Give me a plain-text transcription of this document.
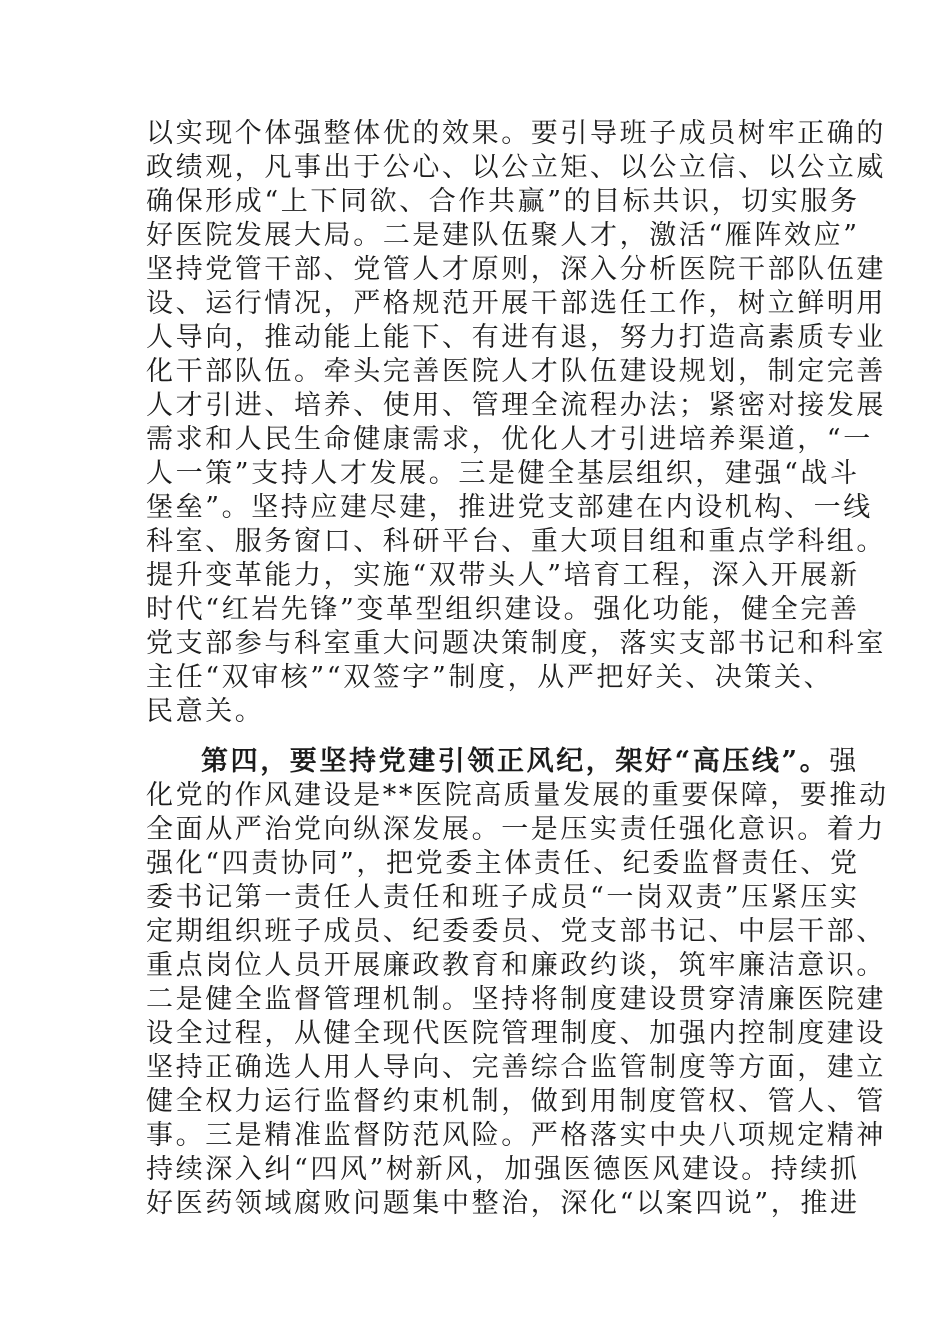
以实现个体强整体优的效果。要引导班子成员树牢正确的
政绩观，凡事出于公心、以公立矩、以公立信、以公立威
确保形成“上下同欲、合作共赢”的目标共识，切实服务
好医院发展大局。二是建队伍聚人才，激活“雁阵效应”
坚持党管干部、党管人才原则，深入分析医院干部队伍建
设、运行情况，严格规范开展干部选任工作，树立鲜明用
人导向，推动能上能下、有进有退，努力打造高素质专业
化干部队伍。牵头完善医院人才队伍建设规划，制定完善
人才引进、培养、使用、管理全流程办法；紧密对接发展
需求和人民生命健康需求，优化人才引进培养渠道，“一
人一策”支持人才发展。三是健全基层组织，建强“战斗
堡垒”。坚持应建尽建，推进党支部建在内设机构、一线
科室、服务窗口、科研平台、重大项目组和重点学科组。
提升变革能力，实施“双带头人”培育工程，深入开展新
时代“红岩先锋”变革型组织建设。强化功能，健全完善
党支部参与科室重大问题决策制度，落实支部书记和科室
主任“双审核”“双签字”制度，从严把好关、决策关、
民意关。
第四，要坚持党建引领正风纪，架好“高压线”。强
化党的作风建设是**医院高质量发展的重要保障，要推动
全面从严治党向纵深发展。一是压实责任强化意识。着力
强化“四责协同”，把党委主体责任、纪委监督责任、党
委书记第一责任人责任和班子成员“一岗双责”压紧压实
定期组织班子成员、纪委委员、党支部书记、中层干部、
重点岗位人员开展廉政教育和廉政约谈，筑牢廉洁意识。
二是健全监督管理机制。坚持将制度建设贯穿清廉医院建
设全过程，从健全现代医院管理制度、加强内控制度建设
坚持正确选人用人导向、完善综合监管制度等方面，建立
健全权力运行监督约束机制，做到用制度管权、管人、管
事。三是精准监督防范风险。严格落实中央八项规定精神
持续深入纠“四风”树新风，加强医德医风建设。持续抓
好医药领域腐败问题集中整治，深化“以案四说”，推进
